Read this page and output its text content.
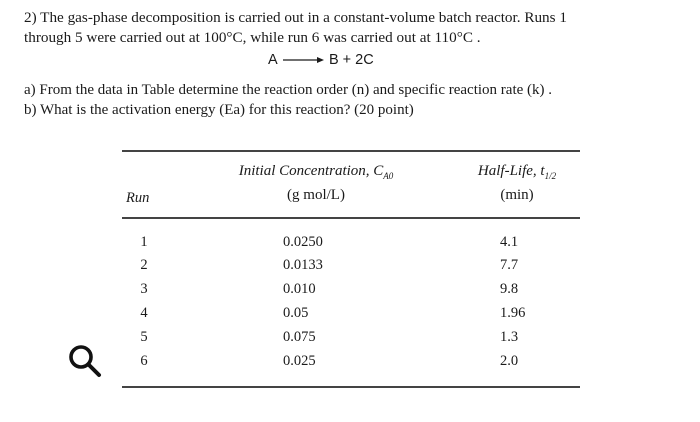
2) The gas-phase decomposition is carried out in a constant-volume batch reactor. Runs 1

through 5 were carried out at 100°C, while run 6 was carried out at 110°C .

A → B + 2C

a) From the data in Table determine the reaction order (n) and specific reaction rate (k) .

b) What is the activation energy (Ea) for this reaction? (20 point)

Run
Initial Concentration, $C_{A0}$
(g mol/L)
Half-Life, $t_{1/2}$
(min)
1	0.0250	4.1
2	0.0133	7.7
3	0.010	9.8
4	0.05	1.96
5	0.075	1.3
6	0.025	2.0
